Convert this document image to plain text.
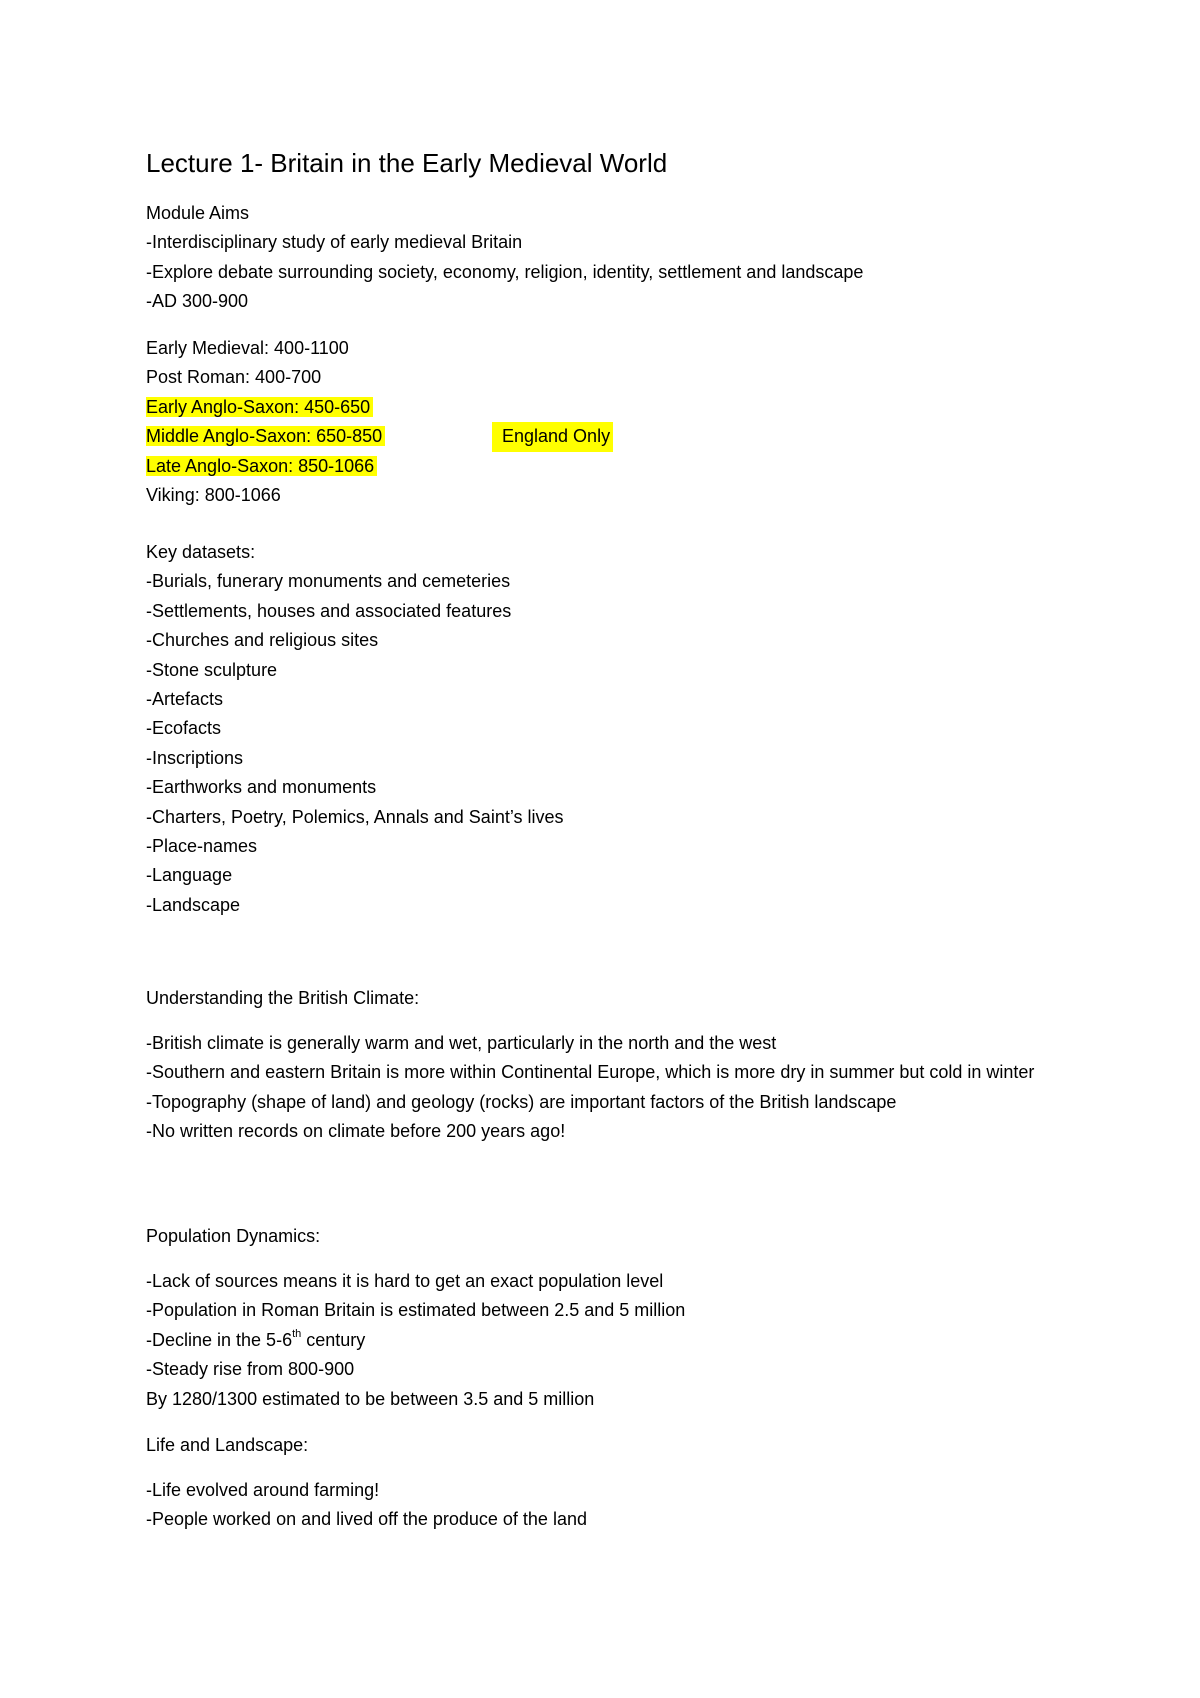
Lecture 1- Britain in the Early Medieval World
Module Aims
-Interdisciplinary study of early medieval Britain
-Explore debate surrounding society, economy, religion, identity, settlement and landscape
-AD 300-900
Early Medieval: 400-1100
Post Roman: 400-700
Early Anglo-Saxon: 450-650
Middle Anglo-Saxon: 650-850	England Only
Late Anglo-Saxon: 850-1066
Viking: 800-1066
Key datasets:
-Burials, funerary monuments and cemeteries
-Settlements, houses and associated features
-Churches and religious sites
-Stone sculpture
-Artefacts
-Ecofacts
-Inscriptions
-Earthworks and monuments
-Charters, Poetry, Polemics, Annals and Saint’s lives
-Place-names
-Language
-Landscape
Understanding the British Climate:
-British climate is generally warm and wet, particularly in the north and the west
-Southern and eastern Britain is more within Continental Europe, which is more dry in summer but cold in winter
-Topography (shape of land) and geology (rocks) are important factors of the British landscape
-No written records on climate before 200 years ago!
Population Dynamics:
-Lack of sources means it is hard to get an exact population level
-Population in Roman Britain is estimated between 2.5 and 5 million
-Decline in the 5-6th century
-Steady rise from 800-900
By 1280/1300 estimated to be between 3.5 and 5 million
Life and Landscape:
-Life evolved around farming!
-People worked on and lived off the produce of the land
